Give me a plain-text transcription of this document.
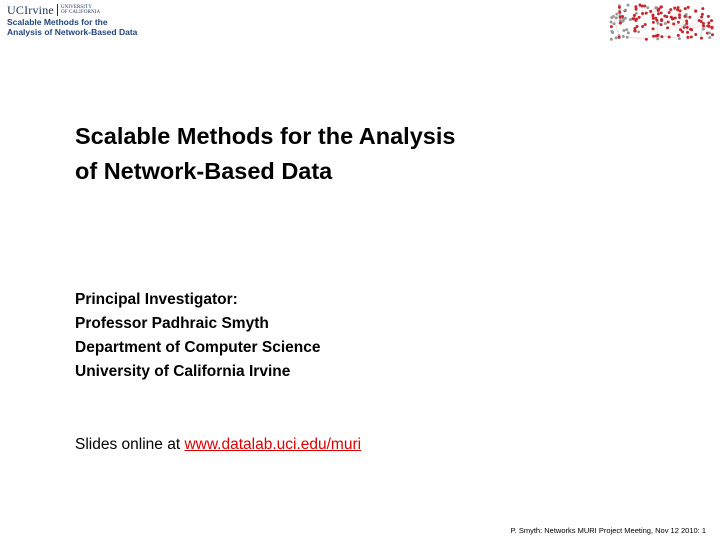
UCIrvine UNIVERSITY
OF CALIFORNIA
Scalable Methods for the
Analysis of Network-Based Data
Scalable Methods for the Analysis
of Network-Based Data
Principal Investigator:
Professor Padhraic Smyth
Department of Computer Science
University of California Irvine
Slides online at www.datalab.uci.edu/muri
P. Smyth: Networks MURI Project Meeting, Nov 12 2010: 1
